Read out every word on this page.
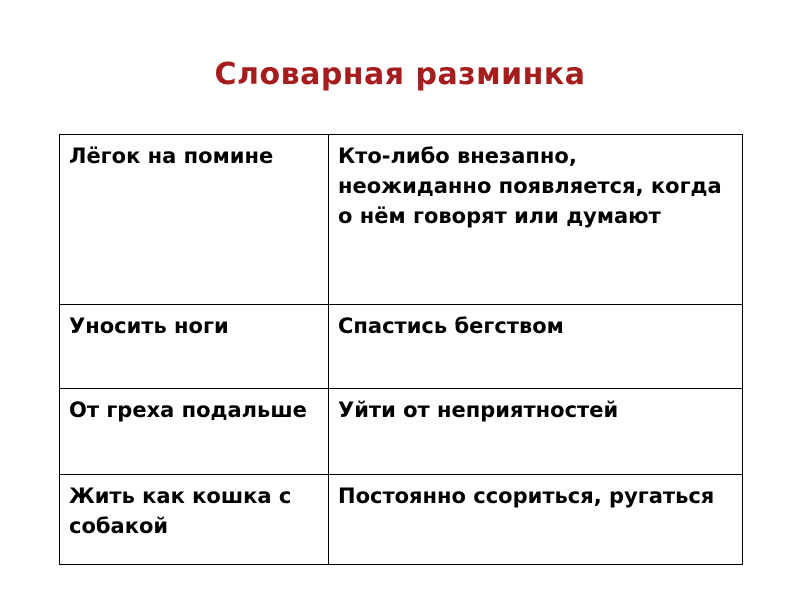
Словарная разминка
Лёгок на помине	Кто-либо внезапно, неожиданно появляется, когда о нём говорят или думают
Уносить ноги	Спастись бегством
От греха подальше	Уйти от неприятностей
Жить как кошка с собакой	Постоянно ссориться, ругаться
